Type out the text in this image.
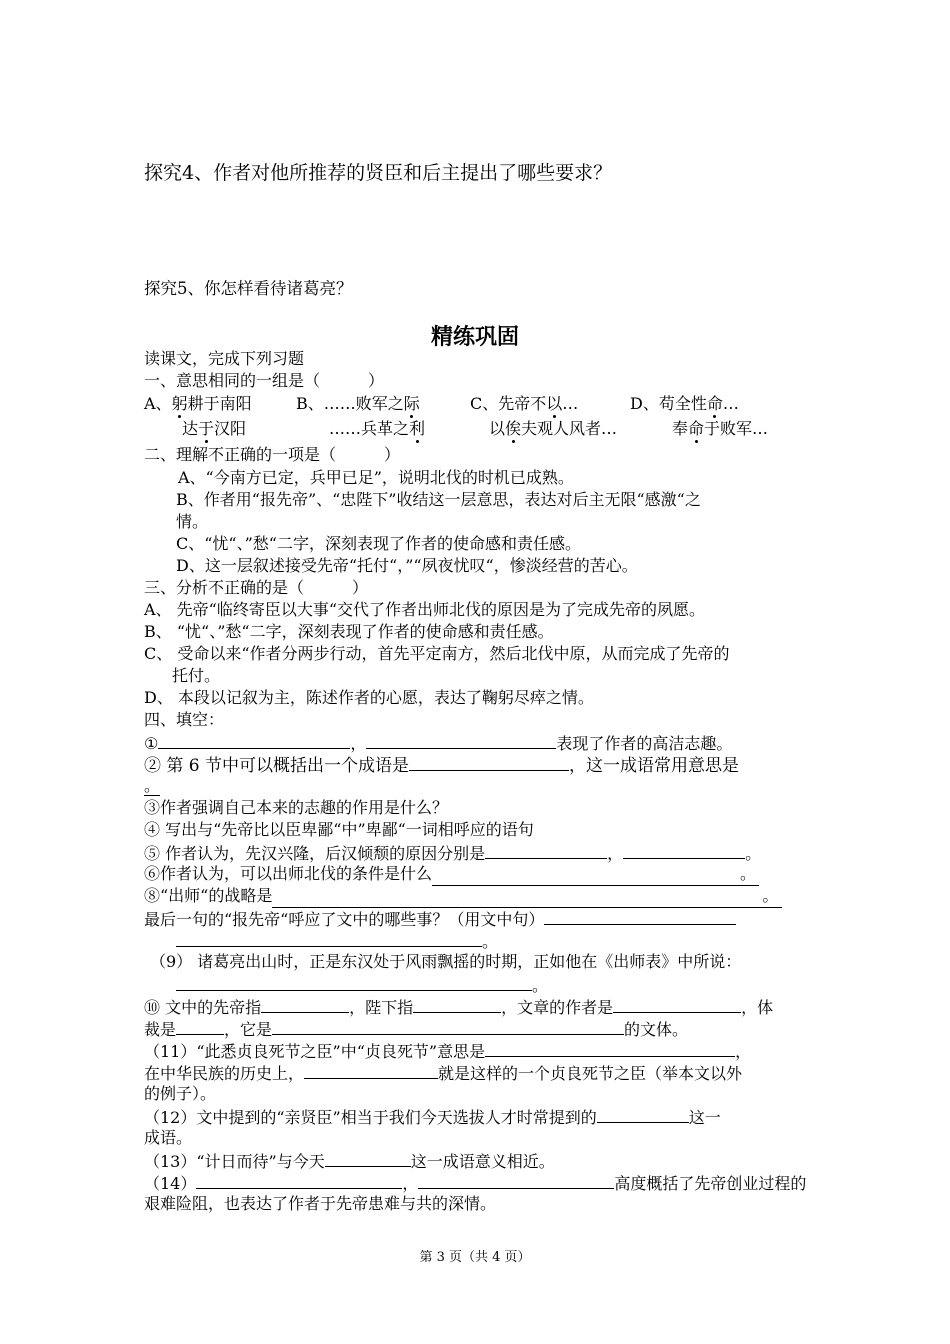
探究4、作者对他所推荐的贤臣和后主提出了哪些要求？
探究5、你怎样看待诸葛亮？
精练巩固
读课文，完成下列习题
一、意思相同的一组是（　　　）
A、躬耕于南阳	B、……败军之际	C、先帝不以…	D、苟全性命…
达于汉阳	……兵革之利	以俟夫观人风者…	奉命于败军…
二、理解不正确的一项是（　　　）
A、“今南方已定，兵甲已足”，说明北伐的时机已成熟。
B、作者用“报先帝”、“忠陛下”收结这一层意思，表达对后主无限“感激“之
情。
C、“忧“、”愁“二字，深刻表现了作者的使命感和责任感。
D、这一层叙述接受先帝“托付“，”“夙夜忧叹“，惨淡经营的苦心。
三、分析不正确的是（　　　）
A、 先帝“临终寄臣以大事“交代了作者出师北伐的原因是为了完成先帝的夙愿。
B、 “忧“、”愁“二字，深刻表现了作者的使命感和责任感。
C、 受命以来“作者分两步行动，首先平定南方，然后北伐中原，从而完成了先帝的
托付。
D、 本段以记叙为主，陈述作者的心愿，表达了鞠躬尽瘁之情。
四、填空：
①	，	表现了作者的高洁志趣。
② 第 6 节中可以概括出一个成语是	，这一成语常用意思是
。
③作者强调自己本来的志趣的作用是什么？
④ 写出与“先帝比以臣卑鄙“中”卑鄙“一词相呼应的语句
⑤ 作者认为，先汉兴隆，后汉倾颓的原因分别是	，	。
⑥作者认为，可以出师北伐的条件是什么	。
⑧“出师“的战略是	。
最后一句的“报先帝“呼应了文中的哪些事？（用文中句）
。
（9） 诸葛亮出山时，正是东汉处于风雨飘摇的时期，正如他在《出师表》中所说：
。
⑩ 文中的先帝指	，陛下指	，文章的作者是	，体
裁是	，它是	的文体。
（11）“此悉贞良死节之臣”中“贞良死节”意思是	，
在中华民族的历史上，	就是这样的一个贞良死节之臣（举本文以外
的例子）。
（12）文中提到的“亲贤臣”相当于我们今天选拔人才时常提到的	这一
成语。
（13）“计日而待”与今天	这一成语意义相近。
（14）	，	高度概括了先帝创业过程的
艰难险阻，也表达了作者于先帝患难与共的深情。
第 3 页（共 4 页）
